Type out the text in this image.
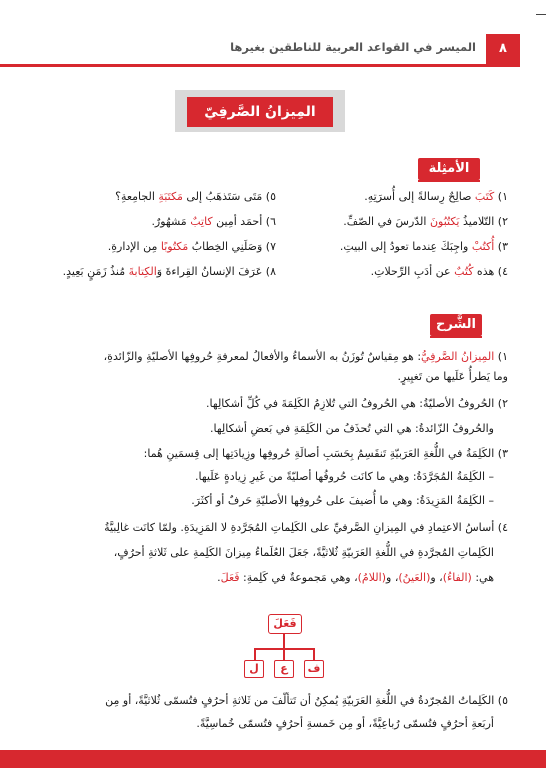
٨
الميسر في القواعد العربية للناطقين بغيرها
المِيزانُ الصَّرفِيّ
الأمثِلة
١) كَتَبَ صالِحٌ رِسالةً إلى أُسرَتِهِ.
٢) التّلاميذُ يَكتُبُونَ الدّرسَ في الصّفِّ.
٣) أُكتُبْ واجِبَكَ عِندما تعودُ إلى البيتِ.
٤) هذه كُتُبٌ عن أدَبِ الرِّحلاتِ.
٥) مَتَى سَتَذهَبُ إلى مَكتَبَةِ الجامِعةِ؟
٦) أحمَد أمِين كاتِبٌ مَشهُورٌ.
٧) وَصَلَنِي الخِطابُ مَكتُوبًا مِن الإدارةِ.
٨) عَرَفَ الإنسانُ القِراءةَ وَالكِتابةَ مُنذُ زَمَنٍ بَعِيدٍ.
الشَّرح
١) المِيزانُ الصَّرفِيُّ: هو مِقياسٌ تُوزَنُ به الأسماءُ والأفعالُ لمعرفةِ حُروفِها الأصليّةِ والزّائدةِ،
وما يَطرأُ عَلَيها من تَغيِيرٍ.
٢) الحُروفُ الأصليّةُ: هي الحُروفُ التي تُلازِمُ الكَلِمَةَ في كُلِّ أشكالِها.
والحُروفُ الزّائدةُ: هي التي تُحذَفُ من الكَلِمَةِ في بَعضِ أشكالِها.
٣) الكَلِمَةُ في اللُّغةِ العَرَبيّةِ تَنقَسِمُ بِحَسَبِ أصالَةِ حُروفِها وزِيادَتِها إلى قِسمَينِ هُما:
– الكَلِمَةُ المُجَرَّدَةُ: وهي ما كانَت حُروفُها أصليّةً من غَيرِ زِيادةٍ عَلَيها.
– الكَلِمَةُ المَزِيدَةُ: وهي ما أُضيفَ على حُروفِها الأصليّةِ حَرفٌ أو أكثَرَ.
٤) أساسُ الاعتِمادِ في المِيزانِ الصَّرفيِّ على الكَلِماتِ المُجَرَّدةِ لا المَزِيدَةِ. ولمّا كانَت غالِبيَّةُ
الكَلِماتِ المُجرَّدةِ في اللُّغةِ العَرَبيّةِ ثُلاثيَّةً، جَعَلَ العُلَماءُ مِيزانَ الكَلِمةِ على ثَلاثةِ أحرُفٍ،
هي: (الفاءُ)، و(العَينُ)، و(اللامُ)، وهي مَجموعةٌ في كَلِمةِ: فَعَلَ.
فَعَلَ
ف
ع
ل
٥) الكَلِماتُ المُجرّدةُ في اللُّغةِ العَرَبيّةِ يُمكِنُ أن تَتألّفَ من ثَلاثةِ أحرُفٍ فتُسمّى ثُلاثيَّةً، أو مِن
أربَعةِ أحرُفٍ فتُسمّى رُباعِيَّةً، أو مِن خَمسةِ أحرُفٍ فتُسمّى خُماسِيَّةً.
